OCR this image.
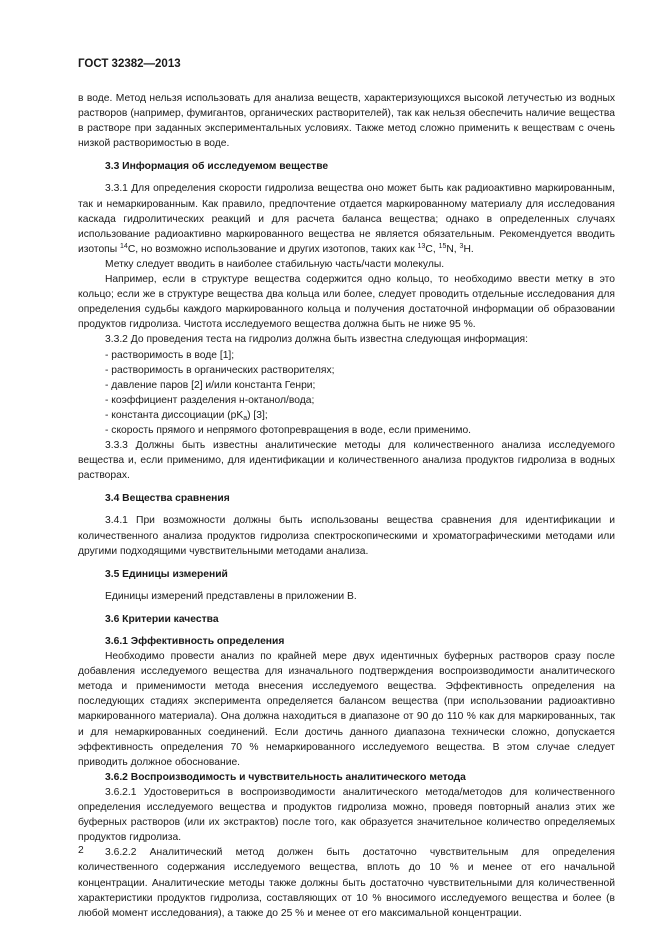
ГОСТ 32382—2013

в воде. Метод нельзя использовать для анализа веществ, характеризующихся высокой летучестью из водных растворов (например, фумигантов, органических растворителей), так как нельзя обеспечить наличие вещества в растворе при заданных экспериментальных условиях. Также метод сложно применить к веществам с очень низкой растворимостью в воде.

3.3 Информация об исследуемом веществе

3.3.1 Для определения скорости гидролиза вещества оно может быть как радиоактивно маркированным, так и немаркированным. Как правило, предпочтение отдается маркированному материалу для исследования каскада гидролитических реакций и для расчета баланса вещества; однако в определенных случаях использование радиоактивно маркированного вещества не является обязательным. Рекомендуется вводить изотопы $^{14}$C, но возможно использование и других изотопов, таких как $^{13}$C, $^{15}$N, $^3$H.

Метку следует вводить в наиболее стабильную часть/части молекулы.

Например, если в структуре вещества содержится одно кольцо, то необходимо ввести метку в это кольцо; если же в структуре вещества два кольца или более, следует проводить отдельные исследования для определения судьбы каждого маркированного кольца и получения достаточной информации об образовании продуктов гидролиза. Чистота исследуемого вещества должна быть не ниже 95 %.

3.3.2 До проведения теста на гидролиз должна быть известна следующая информация:

- растворимость в воде [1];

- растворимость в органических растворителях;

- давление паров [2] и/или константа Генри;

- коэффициент разделения н-октанол/вода;

- константа диссоциации $(pK_a)$ [3];

- скорость прямого и непрямого фотопревращения в воде, если применимо.

3.3.3 Должны быть известны аналитические методы для количественного анализа исследуемого вещества и, если применимо, для идентификации и количественного анализа продуктов гидролиза в водных растворах.

3.4 Вещества сравнения

3.4.1 При возможности должны быть использованы вещества сравнения для идентификации и количественного анализа продуктов гидролиза спектроскопическими и хроматографическими методами или другими подходящими чувствительными методами анализа.

3.5 Единицы измерений

Единицы измерений представлены в приложении В.

3.6 Критерии качества

3.6.1 Эффективность определения

Необходимо провести анализ по крайней мере двух идентичных буферных растворов сразу после добавления исследуемого вещества для изначального подтверждения воспроизводимости аналитического метода и применимости метода внесения исследуемого вещества. Эффективность определения на последующих стадиях эксперимента определяется балансом вещества (при использовании радиоактивно маркированного материала). Она должна находиться в диапазоне от 90 до 110 % как для маркированных, так и для немаркированных соединений. Если достичь данного диапазона технически сложно, допускается эффективность определения 70 % немаркированного исследуемого вещества. В этом случае следует приводить должное обоснование.

3.6.2 Воспроизводимость и чувствительность аналитического метода

3.6.2.1 Удостовериться в воспроизводимости аналитического метода/методов для количественного определения исследуемого вещества и продуктов гидролиза можно, проведя повторный анализ этих же буферных растворов (или их экстрактов) после того, как образуется значительное количество определяемых продуктов гидролиза.

3.6.2.2 Аналитический метод должен быть достаточно чувствительным для определения количественного содержания исследуемого вещества, вплоть до 10 % и менее от его начальной концентрации. Аналитические методы также должны быть достаточно чувствительными для количественной характеристики продуктов гидролиза, составляющих от 10 % вносимого исследуемого вещества и более (в любой момент исследования), а также до 25 % и менее от его максимальной концентрации.

2
